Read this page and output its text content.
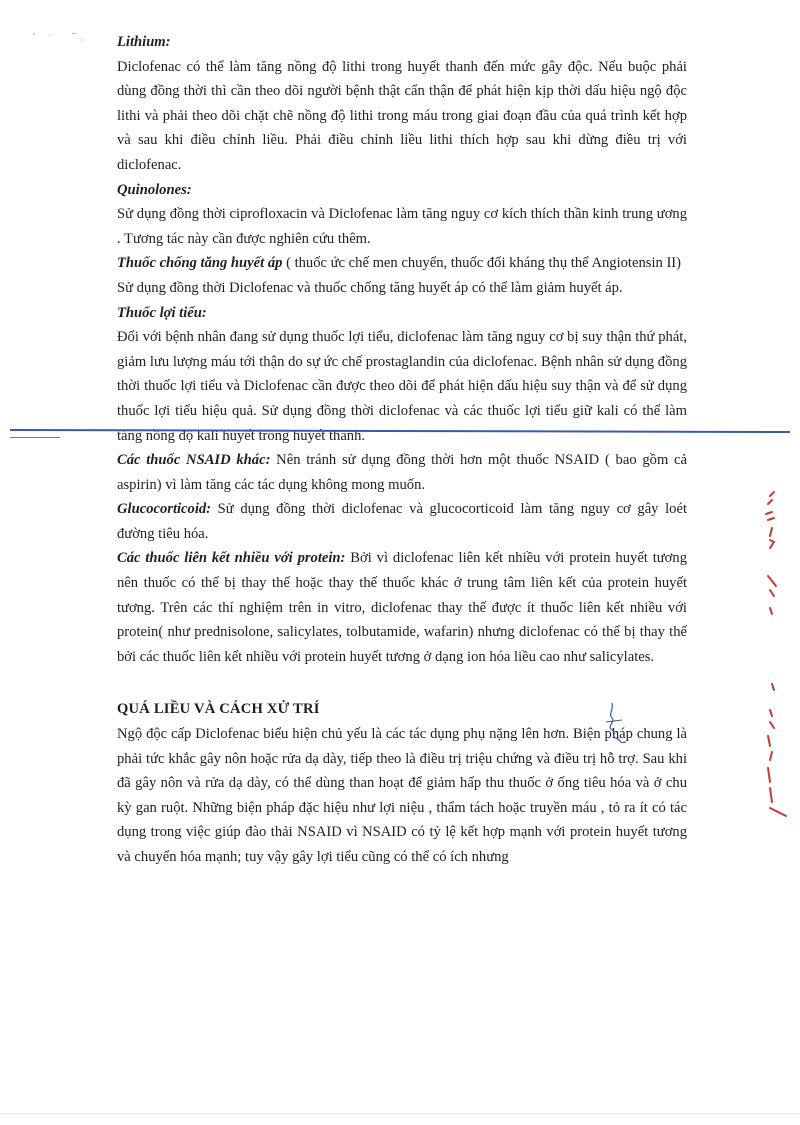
Lithium:
Diclofenac có thể làm tăng nồng độ lithi trong huyết thanh đến mức gây độc. Nếu buộc phải dùng đồng thời thì cần theo dõi người bệnh thật cẩn thận để phát hiện kịp thời dấu hiệu ngộ độc lithi và phải theo dõi chặt chẽ nồng độ lithi trong máu trong giai đoạn đầu của quá trình kết hợp và sau khi điều chỉnh liều. Phải điều chỉnh liều lithi thích hợp sau khi dừng điều trị với diclofenac.

Quinolones:
Sử dụng đồng thời ciprofloxacin và Diclofenac làm tăng nguy cơ kích thích thần kinh trung ương . Tương tác này cần được nghiên cứu thêm.

Thuốc chống tăng huyết áp ( thuốc ức chế men chuyển, thuốc đối kháng thụ thể Angiotensin II)
Sử dụng đồng thời Diclofenac và thuốc chống tăng huyết áp có thể làm giảm huyết áp.

Thuốc lợi tiểu:
Đối với bệnh nhân đang sử dụng thuốc lợi tiểu, diclofenac làm tăng nguy cơ bị suy thận thứ phát, giảm lưu lượng máu tới thận do sự ức chế prostaglandin của diclofenac. Bệnh nhân sử dụng đồng thời thuốc lợi tiểu và Diclofenac cần được theo dõi để phát hiện dấu hiệu suy thận và để sử dụng thuốc lợi tiểu hiệu quả. Sử dụng đồng thời diclofenac và các thuốc lợi tiểu giữ kali có thể làm tăng nồng độ kali huyết trong huyết thanh.

Các thuốc NSAID khác: Nên tránh sử dụng đồng thời hơn một thuốc NSAID ( bao gồm cả aspirin) vì làm tăng các tác dụng không mong muốn.

Glucocorticoid: Sử dụng đồng thời diclofenac và glucocorticoid làm tăng nguy cơ gây loét đường tiêu hóa.

Các thuốc liên kết nhiều với protein: Bởi vì diclofenac liên kết nhiều với protein huyết tương nên thuốc có thể bị thay thế hoặc thay thế thuốc khác ở trung tâm liên kết của protein huyết tương. Trên các thí nghiệm trên in vitro, diclofenac thay thế được ít thuốc liên kết nhiều với protein( như prednisolone, salicylates, tolbutamide, wafarin) nhưng diclofenac có thể bị thay thế bởi các thuốc liên kết nhiều với protein huyết tương ở dạng ion hóa liều cao như salicylates.

QUÁ LIỀU VÀ CÁCH XỬ TRÍ

Ngộ độc cấp Diclofenac biểu hiện chủ yếu là các tác dụng phụ nặng lên hơn. Biện pháp chung là phải tức khắc gây nôn hoặc rửa dạ dày, tiếp theo là điều trị triệu chứng và điều trị hỗ trợ. Sau khi đã gây nôn và rửa dạ dày, có thể dùng than hoạt để giảm hấp thu thuốc ở ống tiêu hóa và ở chu kỳ gan ruột. Những biện pháp đặc hiệu như lợi niệu , thẩm tách hoặc truyền máu , tỏ ra ít có tác dụng trong việc giúp đào thải NSAID vì NSAID có tỷ lệ kết hợp mạnh với protein huyết tương và chuyển hóa mạnh; tuy vậy gây lợi tiểu cũng có thể có ích nhưng
